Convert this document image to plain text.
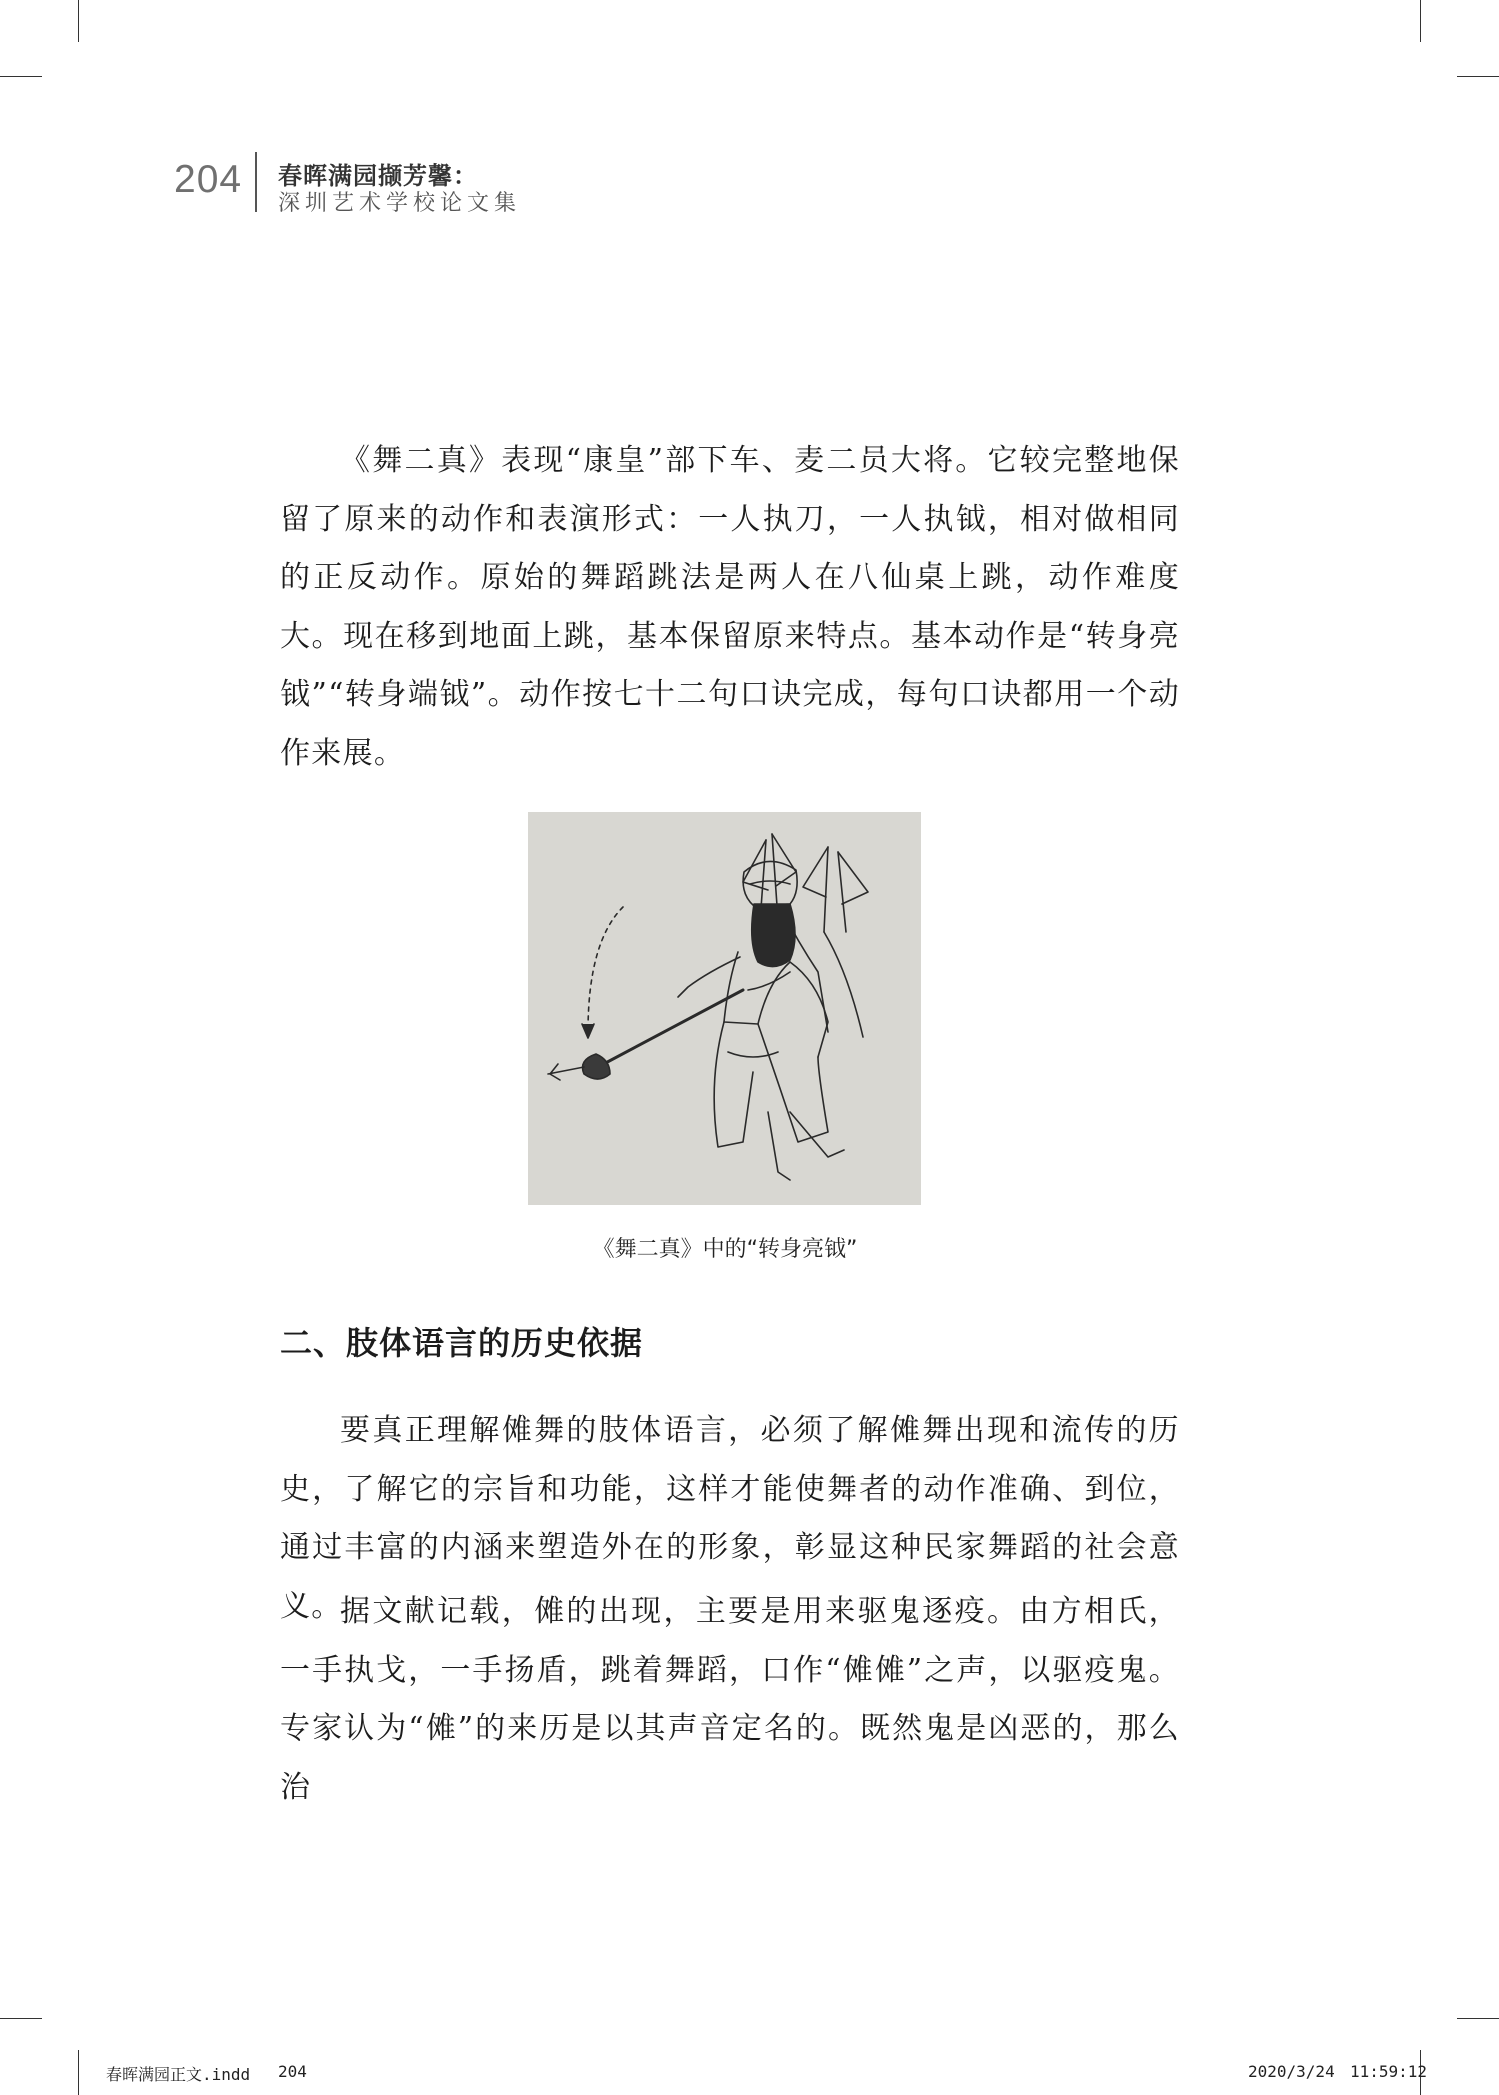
204 春晖满园撷芳馨：
深圳艺术学校论文集

《舞二真》表现“康皇”部下车、麦二员大将。它较完整地保留了原来的动作和表演形式：一人执刀，一人执钺，相对做相同的正反动作。原始的舞蹈跳法是两人在八仙桌上跳，动作难度大。现在移到地面上跳，基本保留原来特点。基本动作是“转身亮钺”“转身端钺”。动作按七十二句口诀完成，每句口诀都用一个动作来展。

《舞二真》中的“转身亮钺”

二、肢体语言的历史依据

要真正理解傩舞的肢体语言，必须了解傩舞出现和流传的历史，了解它的宗旨和功能，这样才能使舞者的动作准确、到位，通过丰富的内涵来塑造外在的形象，彰显这种民家舞蹈的社会意义。

据文献记载，傩的出现，主要是用来驱鬼逐疫。由方相氏，一手执戈，一手扬盾，跳着舞蹈，口作“傩傩”之声，以驱疫鬼。专家认为“傩”的来历是以其声音定名的。既然鬼是凶恶的，那么治

春晖满园正文.indd 204	2020/3/24 11:59:12
